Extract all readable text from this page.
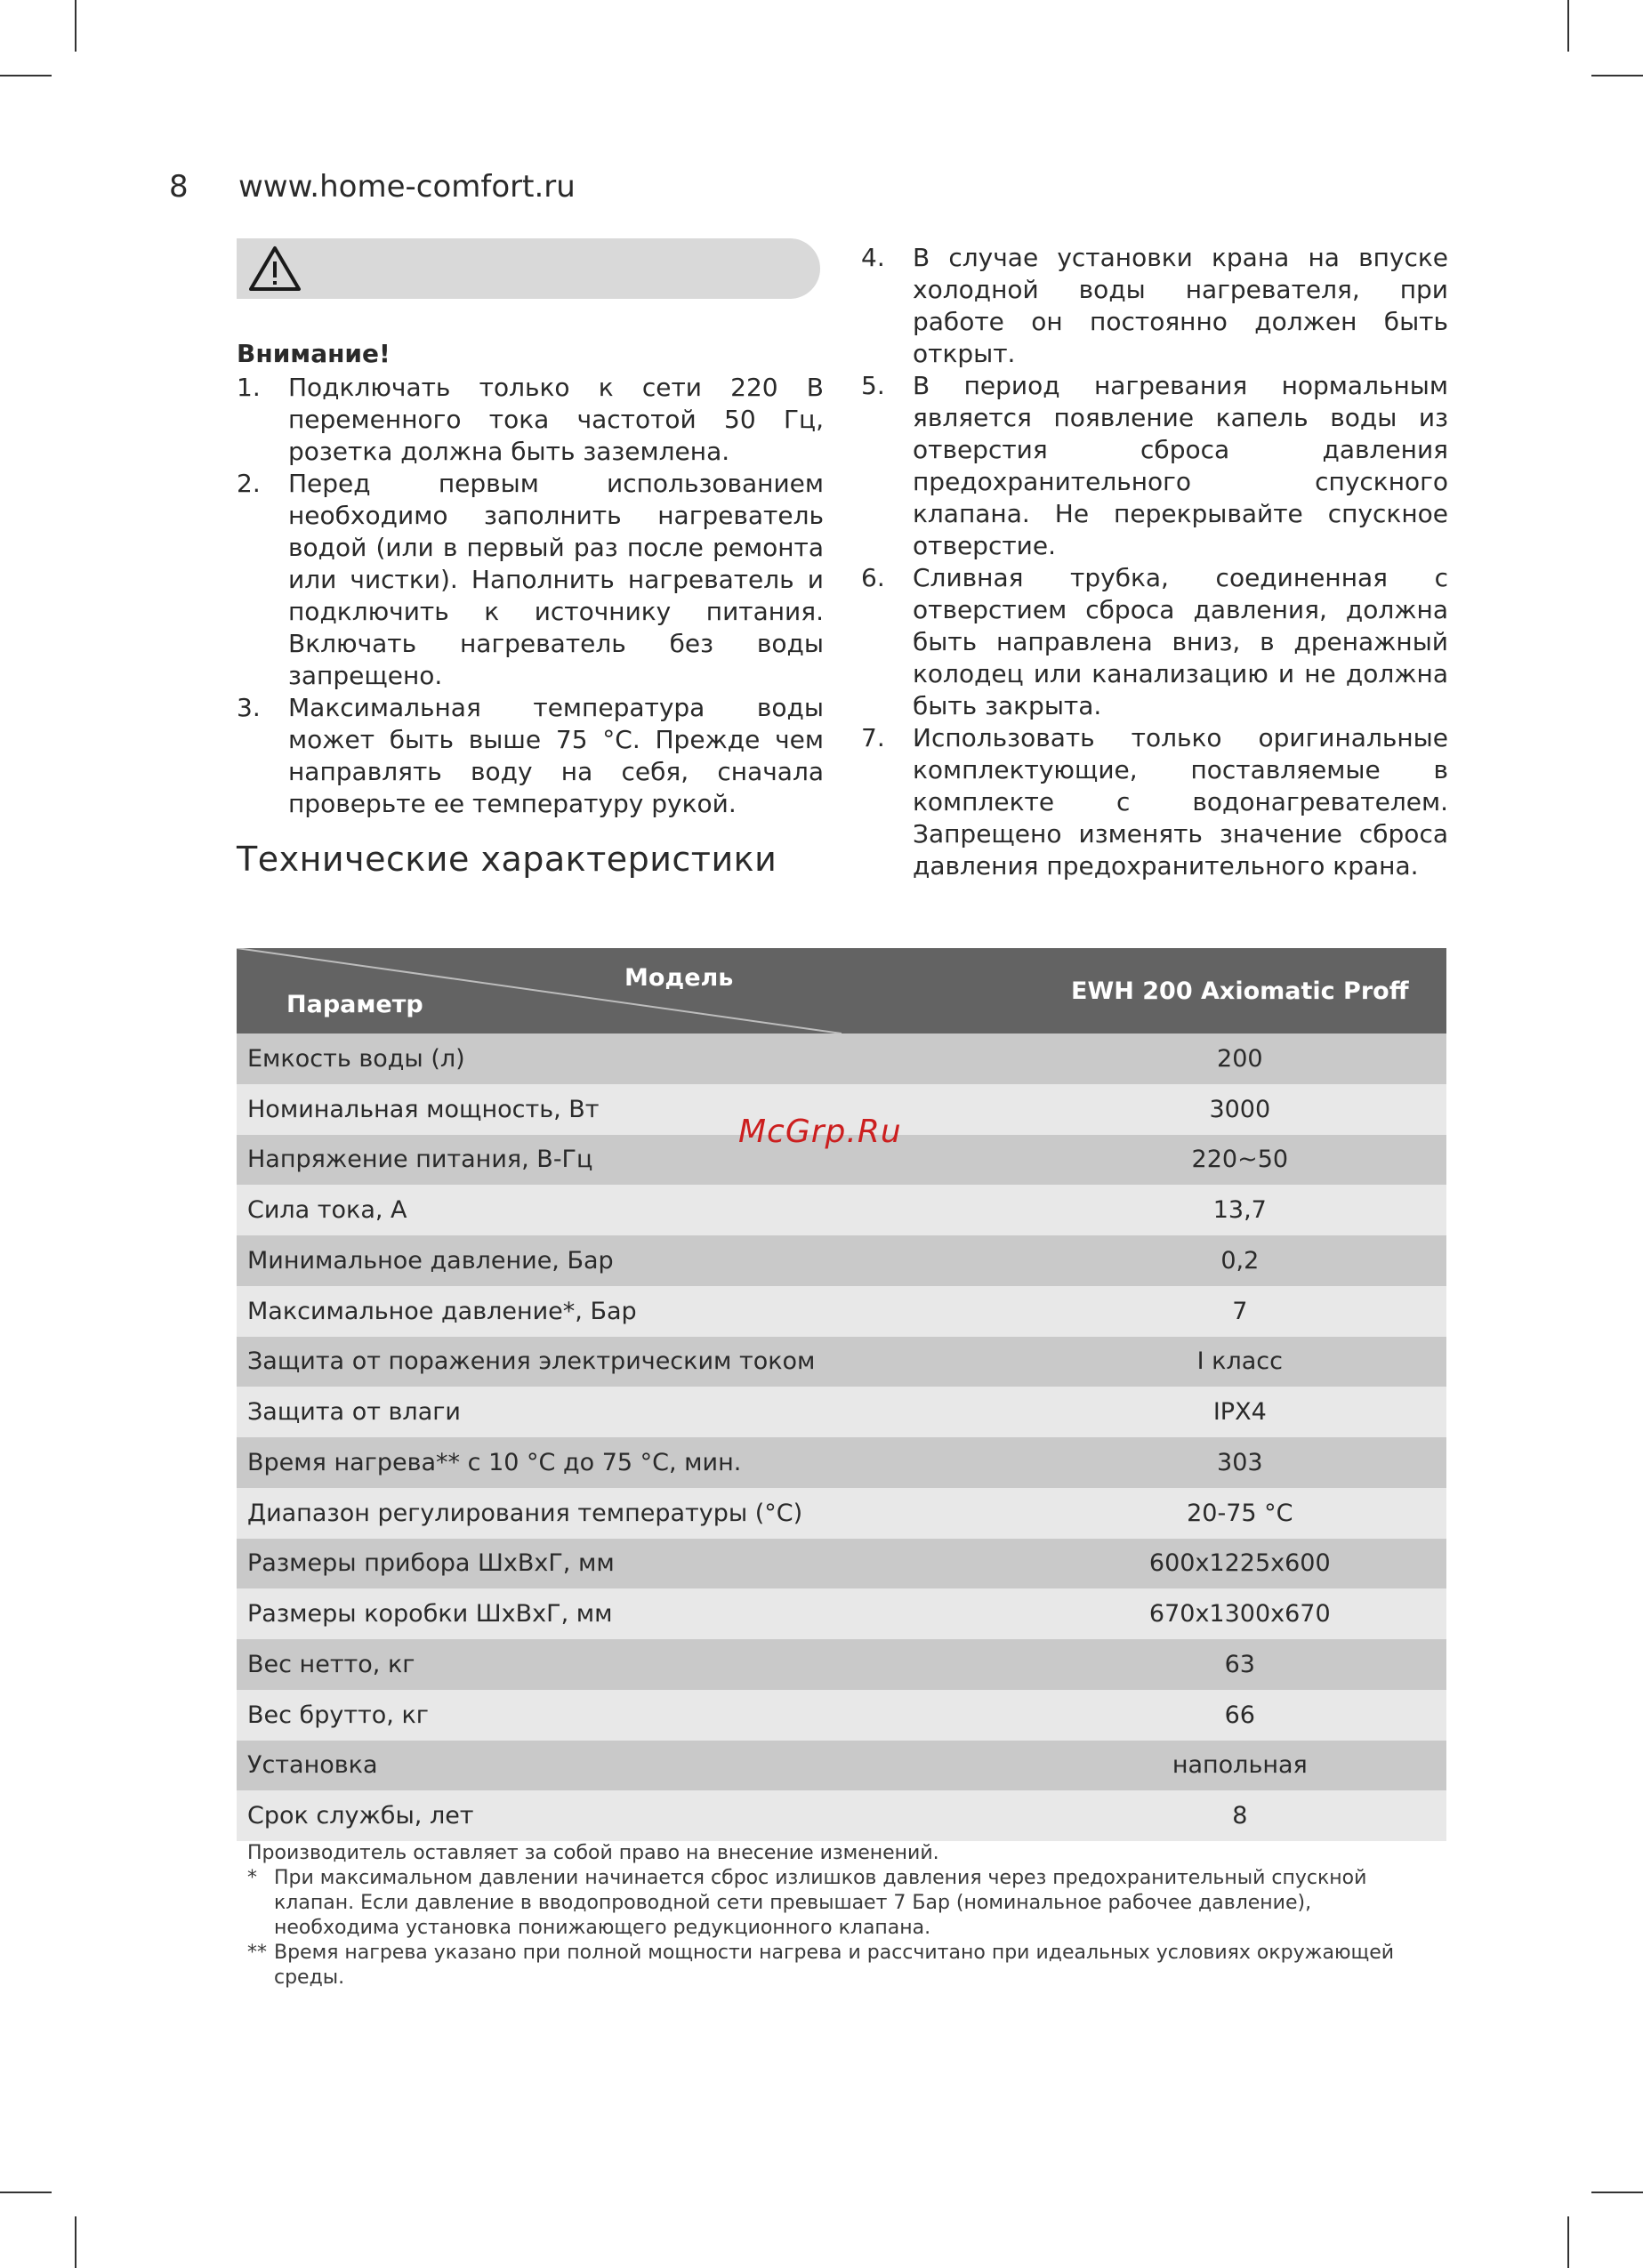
8 www.home-comfort.ru
Внимание!
1. Подключать только к сети 220 В переменного тока частотой 50 Гц, розетка должна быть заземлена.
2. Перед первым использованием необходимо заполнить нагреватель водой (или в первый раз после ремонта или чистки). Наполнить нагреватель и подключить к источнику питания. Включать нагреватель без воды запрещено.
3. Максимальная температура воды может быть выше 75 °С. Прежде чем направлять воду на себя, сначала проверьте ее температуру рукой.
4. В случае установки крана на впуске холодной воды нагревателя, при работе он постоянно должен быть открыт.
5. В период нагревания нормальным является появление капель воды из отверстия сброса давления предохранительного спускного клапана. Не перекрывайте спускное отверстие.
6. Сливная трубка, соединенная с отверстием сброса давления, должна быть направлена вниз, в дренажный колодец или канализацию и не должна быть закрыта.
7. Использовать только оригинальные комплектующие, поставляемые в комплекте с водонагревателем. Запрещено изменять значение сброса давления предохранительного крана.
Технические характеристики
Модель
Параметр	EWH 200 Axiomatic Proff
Емкость воды (л)	200
Номинальная мощность, Вт	3000
Напряжение питания, В-Гц	220~50
Сила тока, А	13,7
Минимальное давление, Бар	0,2
Максимальное давление*, Бар	7
Защита от поражения электрическим током	I класс
Защита от влаги	IPX4
Время нагрева** с 10 °С до 75 °С, мин.	303
Диапазон регулирования температуры (°С)	20-75 °С
Размеры прибора ШхВхГ, мм	600х1225х600
Размеры коробки ШхВхГ, мм	670х1300х670
Вес нетто, кг	63
Вес брутто, кг	66
Установка	напольная
Срок службы, лет	8
Производитель оставляет за собой право на внесение изменений.
* При максимальном давлении начинается сброс излишков давления через предохранительный спускной клапан. Если давление в вводопроводной сети превышает 7 Бар (номинальное рабочее давление), необходима установка понижающего редукционного клапана.
** Время нагрева указано при полной мощности нагрева и рассчитано при идеальных условиях окружающей среды.
McGrp.Ru
